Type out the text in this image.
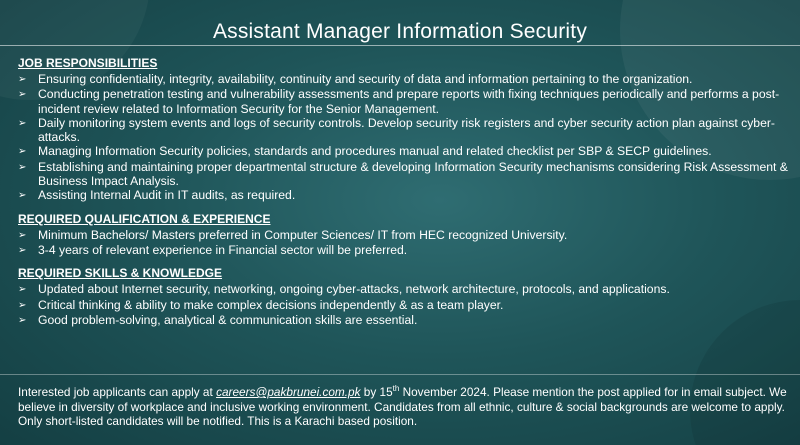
Assistant Manager Information Security
JOB RESPONSIBILITIES
➢ Ensuring confidentiality, integrity, availability, continuity and security of data and information pertaining to the organization.
➢ Conducting penetration testing and vulnerability assessments and prepare reports with fixing techniques periodically and performs a post-incident review related to Information Security for the Senior Management.
➢ Daily monitoring system events and logs of security controls. Develop security risk registers and cyber security action plan against cyber-attacks.
➢ Managing Information Security policies, standards and procedures manual and related checklist per SBP & SECP guidelines.
➢ Establishing and maintaining proper departmental structure & developing Information Security mechanisms considering Risk Assessment & Business Impact Analysis.
➢ Assisting Internal Audit in IT audits, as required.
REQUIRED QUALIFICATION & EXPERIENCE
➢ Minimum Bachelors/ Masters preferred in Computer Sciences/ IT from HEC recognized University.
➢ 3-4 years of relevant experience in Financial sector will be preferred.
REQUIRED SKILLS & KNOWLEDGE
➢ Updated about Internet security, networking, ongoing cyber-attacks, network architecture, protocols, and applications.
➢ Critical thinking & ability to make complex decisions independently & as a team player.
➢ Good problem-solving, analytical & communication skills are essential.
Interested job applicants can apply at careers@pakbrunei.com.pk by 15th November 2024. Please mention the post applied for in email subject. We believe in diversity of workplace and inclusive working environment. Candidates from all ethnic, culture & social backgrounds are welcome to apply. Only short-listed candidates will be notified. This is a Karachi based position.
